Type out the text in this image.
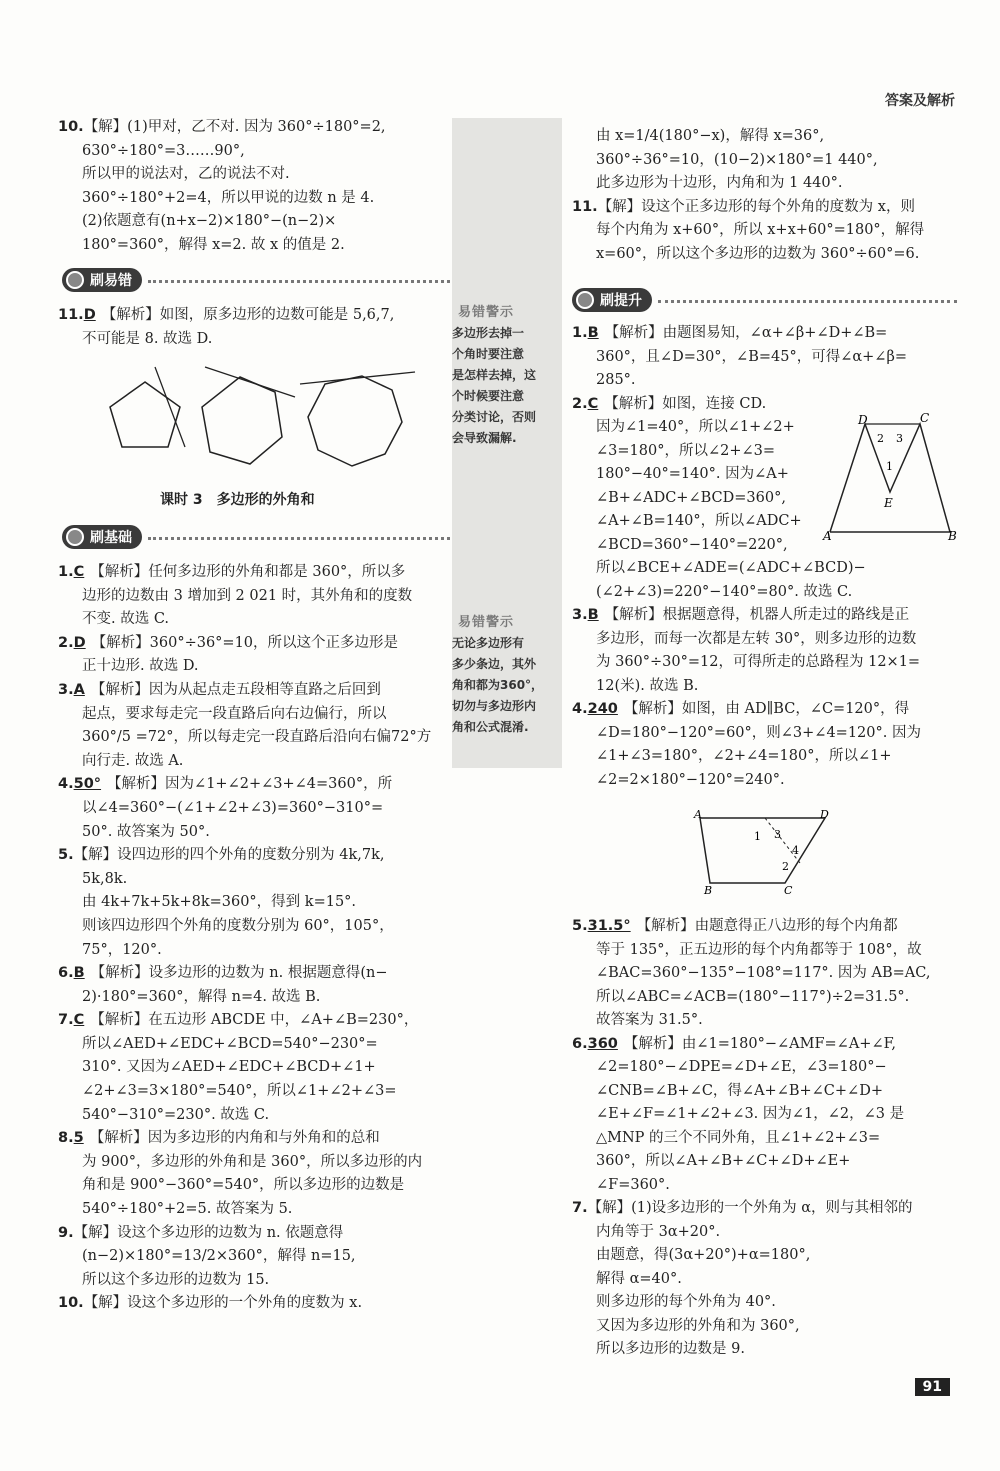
答案及解析
10.【解】(1)甲对，乙不对. 因为 360°÷180°=2,
630°÷180°=3……90°,
所以甲的说法对，乙的说法不对.
360°÷180°+2=4，所以甲说的边数 n 是 4.
(2)依题意有(n+x−2)×180°−(n−2)×
180°=360°，解得 x=2. 故 x 的值是 2.
刷易错
11.D 【解析】如图，原多边形的边数可能是 5,6,7,
不可能是 8. 故选 D.
课时 3　多边形的外角和
刷基础
1.C 【解析】任何多边形的外角和都是 360°，所以多
边形的边数由 3 增加到 2 021 时，其外角和的度数
不变. 故选 C.
2.D 【解析】360°÷36°=10，所以这个正多边形是
正十边形. 故选 D.
3.A 【解析】因为从起点走五段相等直路之后回到
起点，要求每走完一段直路后向右边偏行，所以
360°/5 =72°，所以每走完一段直路后沿向右偏72°方
向行走. 故选 A.
4.50° 【解析】因为∠1+∠2+∠3+∠4=360°，所
以∠4=360°−(∠1+∠2+∠3)=360°−310°=
50°. 故答案为 50°.
5.【解】设四边形的四个外角的度数分别为 4k,7k,
5k,8k.
由 4k+7k+5k+8k=360°，得到 k=15°.
则该四边形四个外角的度数分别为 60°，105°，
75°，120°.
6.B 【解析】设多边形的边数为 n. 根据题意得(n−
2)·180°=360°，解得 n=4. 故选 B.
7.C 【解析】在五边形 ABCDE 中，∠A+∠B=230°，
所以∠AED+∠EDC+∠BCD=540°−230°=
310°. 又因为∠AED+∠EDC+∠BCD+∠1+
∠2+∠3=3×180°=540°，所以∠1+∠2+∠3=
540°−310°=230°. 故选 C.
8.5 【解析】因为多边形的内角和与外角和的总和
为 900°，多边形的外角和是 360°，所以多边形的内
角和是 900°−360°=540°，所以多边形的边数是
540°÷180°+2=5. 故答案为 5.
9.【解】设这个多边形的边数为 n. 依题意得
(n−2)×180°=13/2×360°，解得 n=15,
所以这个多边形的边数为 15.
10.【解】设这个多边形的一个外角的度数为 x.
易错警示
多边形去掉一
个角时要注意
是怎样去掉，这
个时候要注意
分类讨论，否则
会导致漏解.
易错警示
无论多边形有
多少条边，其外
角和都为360°，
切勿与多边形内
角和公式混淆.
由 x=1/4(180°−x)，解得 x=36°,
360°÷36°=10，(10−2)×180°=1 440°,
此多边形为十边形，内角和为 1 440°.
11.【解】设这个正多边形的每个外角的度数为 x，则
每个内角为 x+60°，所以 x+x+60°=180°，解得
x=60°，所以这个多边形的边数为 360°÷60°=6.
刷提升
1.B 【解析】由题图易知，∠α+∠β+∠D+∠B=
360°，且∠D=30°，∠B=45°，可得∠α+∠β=
285°.
2.C 【解析】如图，连接 CD.
因为∠1=40°，所以∠1+∠2+
∠3=180°，所以∠2+∠3=
180°−40°=140°. 因为∠A+
∠B+∠ADC+∠BCD=360°,
∠A+∠B=140°，所以∠ADC+
∠BCD=360°−140°=220°,
所以∠BCE+∠ADE=(∠ADC+∠BCD)−
(∠2+∠3)=220°−140°=80°. 故选 C.
3.B 【解析】根据题意得，机器人所走过的路线是正
多边形，而每一次都是左转 30°，则多边形的边数
为 360°÷30°=12，可得所走的总路程为 12×1=
12(米). 故选 B.
4.240 【解析】如图，由 AD∥BC，∠C=120°，得
∠D=180°−120°=60°，则∠3+∠4=120°. 因为
∠1+∠3=180°，∠2+∠4=180°，所以∠1+
∠2=2×180°−120°=240°.
D	C
A	B
E
1
2 3
A	D
B	C
1 3
4
2
5.31.5° 【解析】由题意得正八边形的每个内角都
等于 135°，正五边形的每个内角都等于 108°，故
∠BAC=360°−135°−108°=117°. 因为 AB=AC,
所以∠ABC=∠ACB=(180°−117°)÷2=31.5°.
故答案为 31.5°.
6.360 【解析】由∠1=180°−∠AMF=∠A+∠F,
∠2=180°−∠DPE=∠D+∠E，∠3=180°−
∠CNB=∠B+∠C，得∠A+∠B+∠C+∠D+
∠E+∠F=∠1+∠2+∠3. 因为∠1，∠2，∠3 是
△MNP 的三个不同外角，且∠1+∠2+∠3=
360°，所以∠A+∠B+∠C+∠D+∠E+
∠F=360°.
7.【解】(1)设多边形的一个外角为 α，则与其相邻的
内角等于 3α+20°.
由题意，得(3α+20°)+α=180°,
解得 α=40°.
则多边形的每个外角为 40°.
又因为多边形的外角和为 360°,
所以多边形的边数是 9.
91
